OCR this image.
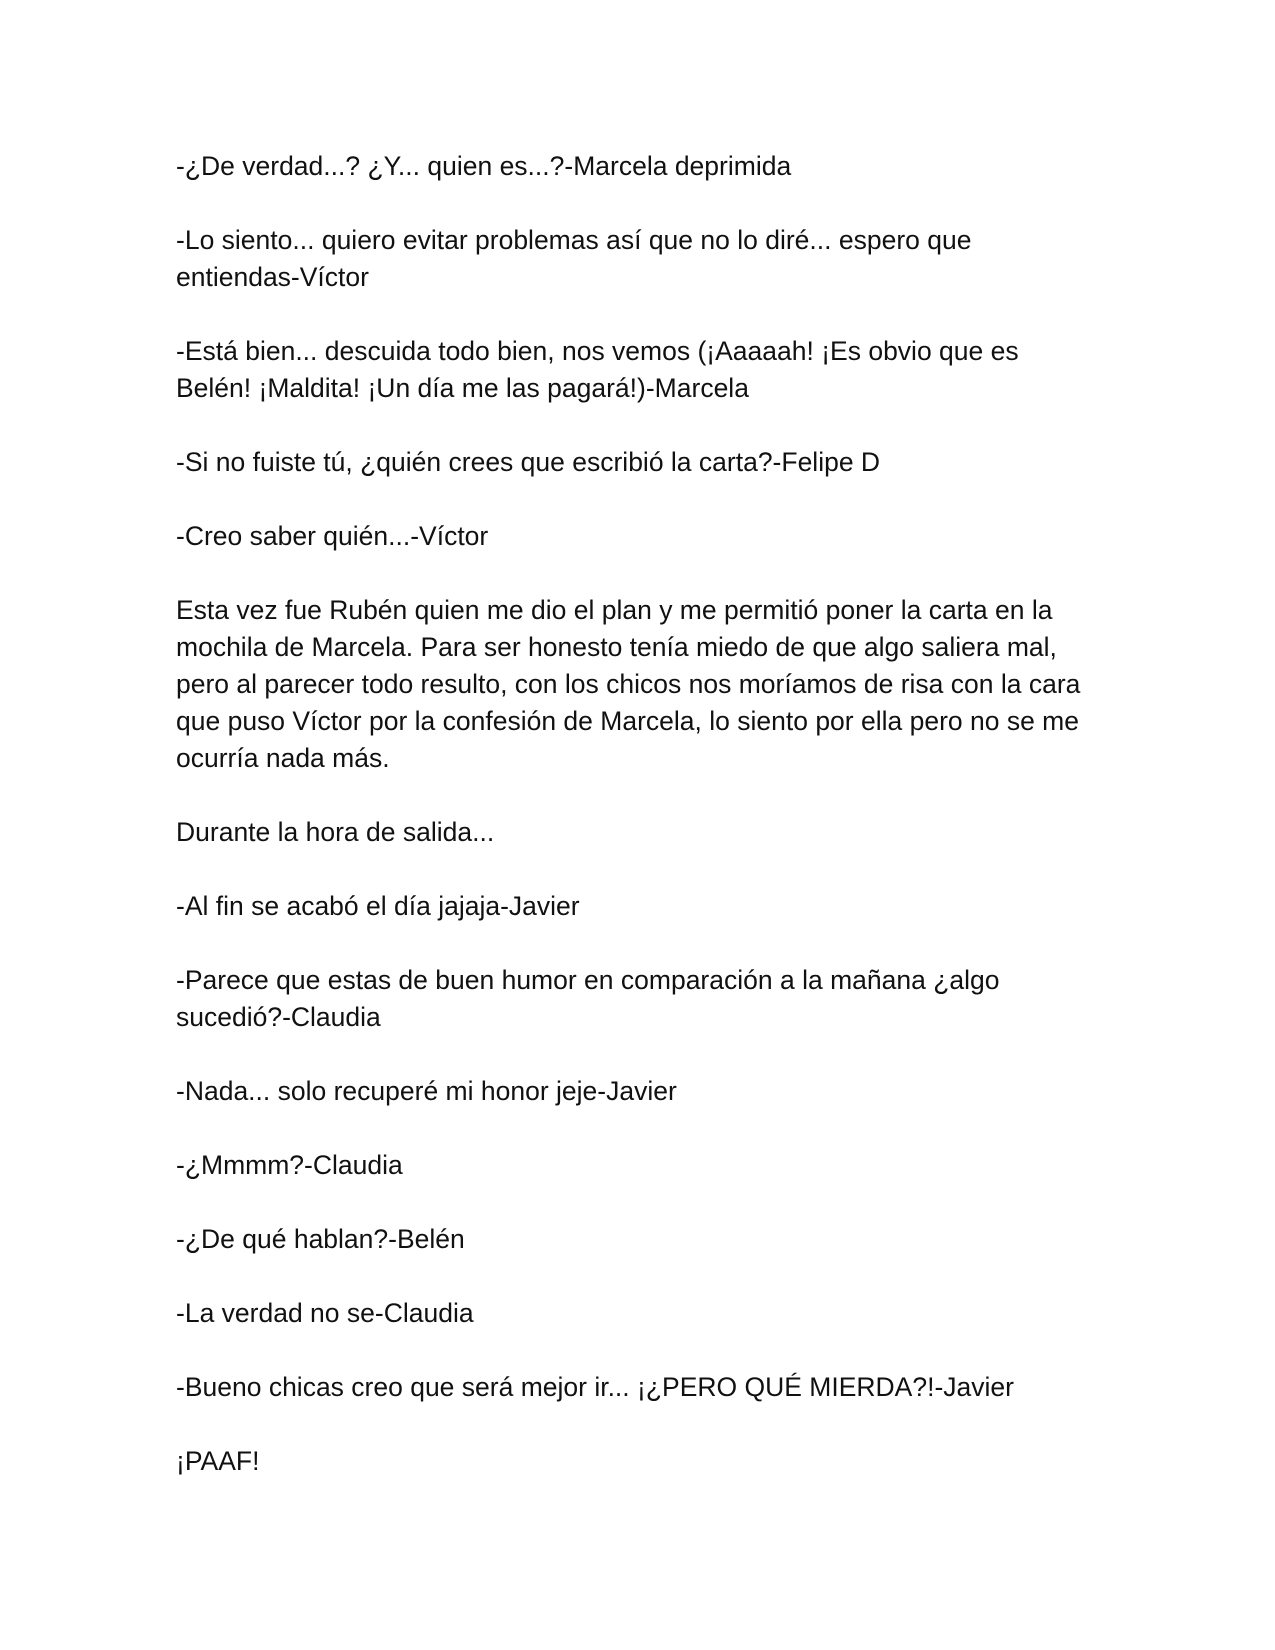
-¿De verdad...? ¿Y... quien es...?-Marcela deprimida

-Lo siento... quiero evitar problemas así que no lo diré... espero que entiendas-Víctor

-Está bien... descuida todo bien, nos vemos (¡Aaaaah! ¡Es obvio que es Belén! ¡Maldita! ¡Un día me las pagará!)-Marcela

-Si no fuiste tú, ¿quién crees que escribió la carta?-Felipe D

-Creo saber quién...-Víctor

Esta vez fue Rubén quien me dio el plan y me permitió poner la carta en la mochila de Marcela. Para ser honesto tenía miedo de que algo saliera mal, pero al parecer todo resulto, con los chicos nos moríamos de risa con la cara que puso Víctor por la confesión de Marcela, lo siento por ella pero no se me ocurría nada más.

Durante la hora de salida...

-Al fin se acabó el día jajaja-Javier

-Parece que estas de buen humor en comparación a la mañana ¿algo sucedió?-Claudia

-Nada... solo recuperé mi honor jeje-Javier

-¿Mmmm?-Claudia

-¿De qué hablan?-Belén

-La verdad no se-Claudia

-Bueno chicas creo que será mejor ir... ¡¿PERO QUÉ MIERDA?!-Javier

¡PAAF!
